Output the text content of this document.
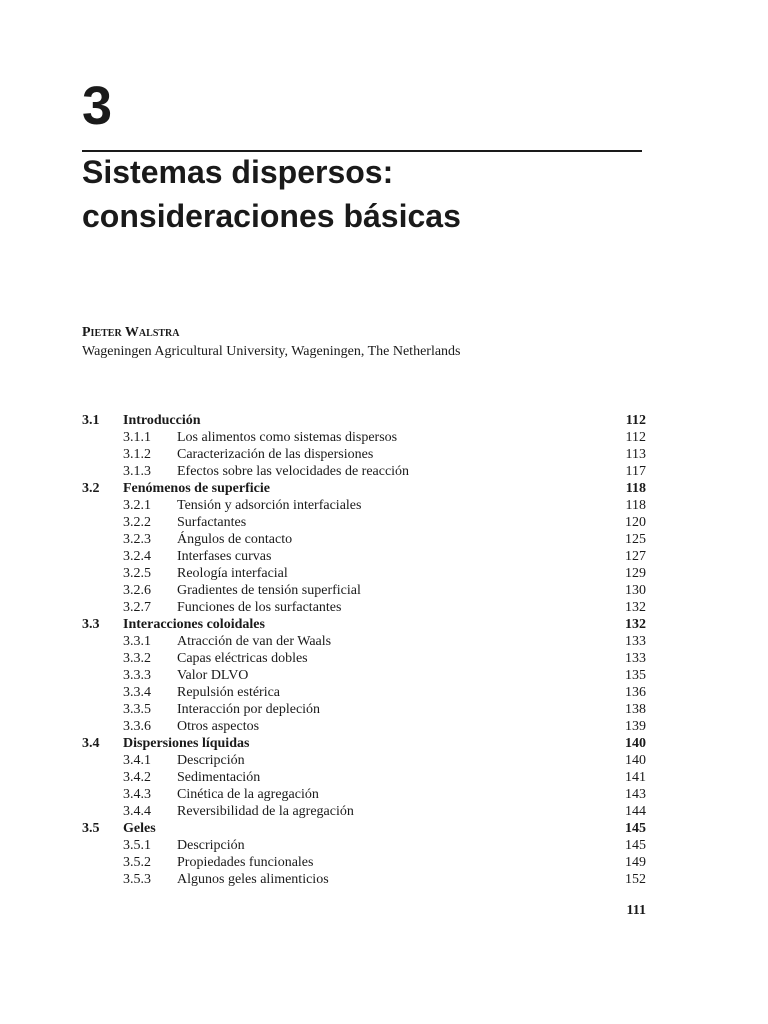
3
Sistemas dispersos:
consideraciones básicas
Pieter Walstra
Wageningen Agricultural University, Wageningen, The Netherlands
3.1 Introducción	112
3.1.1 Los alimentos como sistemas dispersos	112
3.1.2 Caracterización de las dispersiones	113
3.1.3 Efectos sobre las velocidades de reacción	117
3.2 Fenómenos de superficie	118
3.2.1 Tensión y adsorción interfaciales	118
3.2.2 Surfactantes	120
3.2.3 Ángulos de contacto	125
3.2.4 Interfases curvas	127
3.2.5 Reología interfacial	129
3.2.6 Gradientes de tensión superficial	130
3.2.7 Funciones de los surfactantes	132
3.3 Interacciones coloidales	132
3.3.1 Atracción de van der Waals	133
3.3.2 Capas eléctricas dobles	133
3.3.3 Valor DLVO	135
3.3.4 Repulsión estérica	136
3.3.5 Interacción por depleción	138
3.3.6 Otros aspectos	139
3.4 Dispersiones líquidas	140
3.4.1 Descripción	140
3.4.2 Sedimentación	141
3.4.3 Cinética de la agregación	143
3.4.4 Reversibilidad de la agregación	144
3.5 Geles	145
3.5.1 Descripción	145
3.5.2 Propiedades funcionales	149
3.5.3 Algunos geles alimenticios	152
111
